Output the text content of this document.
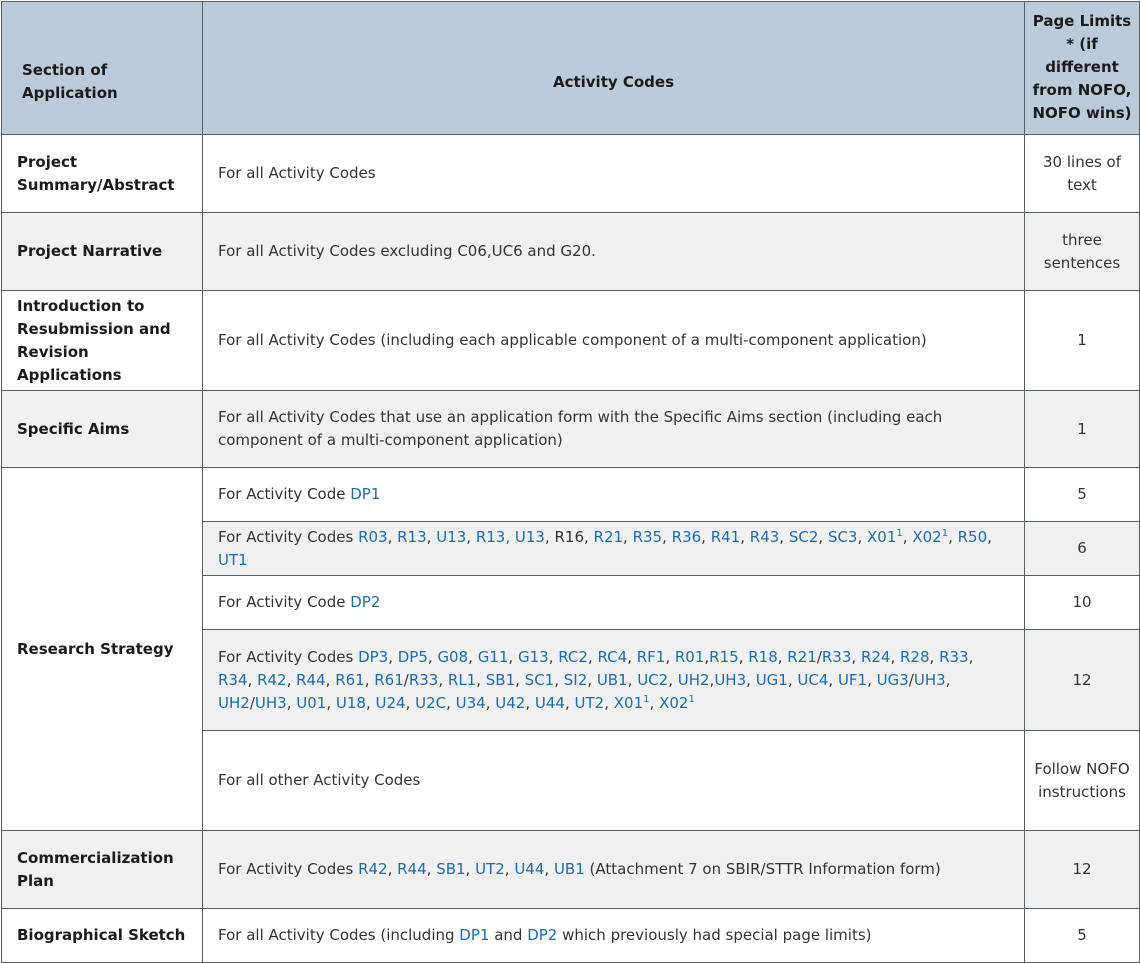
Section of Application	Activity Codes	Page Limits * (if different from NOFO, NOFO wins)
Project Summary/Abstract	For all Activity Codes	30 lines of text
Project Narrative	For all Activity Codes excluding C06,UC6 and G20.	three sentences
Introduction to Resubmission and Revision Applications	For all Activity Codes (including each applicable component of a multi-component application)	1
Specific Aims	For all Activity Codes that use an application form with the Specific Aims section (including each component of a multi-component application)	1
Research Strategy	For Activity Code DP1	5
	For Activity Codes R03, R13, U13, R13, U13, R16, R21, R35, R36, R41, R43, SC2, SC3, $X01^1$, $X02^1$, R50, UT1	6
	For Activity Code DP2	10
	For Activity Codes DP3, DP5, G08, G11, G13, RC2, RC4, RF1, R01,R15, R18, R21/R33, R24, R28, R33, R34, R42, R44, R61, R61/R33, RL1, SB1, SC1, SI2, UB1, UC2, UH2,UH3, UG1, UC4, UF1, UG3/UH3, UH2/UH3, U01, U18, U24, U2C, U34, U42, U44, UT2, $X01^1$, $X02^1$	12
	For all other Activity Codes	Follow NOFO instructions
Commercialization Plan	For Activity Codes R42, R44, SB1, UT2, U44, UB1 (Attachment 7 on SBIR/STTR Information form)	12
Biographical Sketch	For all Activity Codes (including DP1 and DP2 which previously had special page limits)	5
